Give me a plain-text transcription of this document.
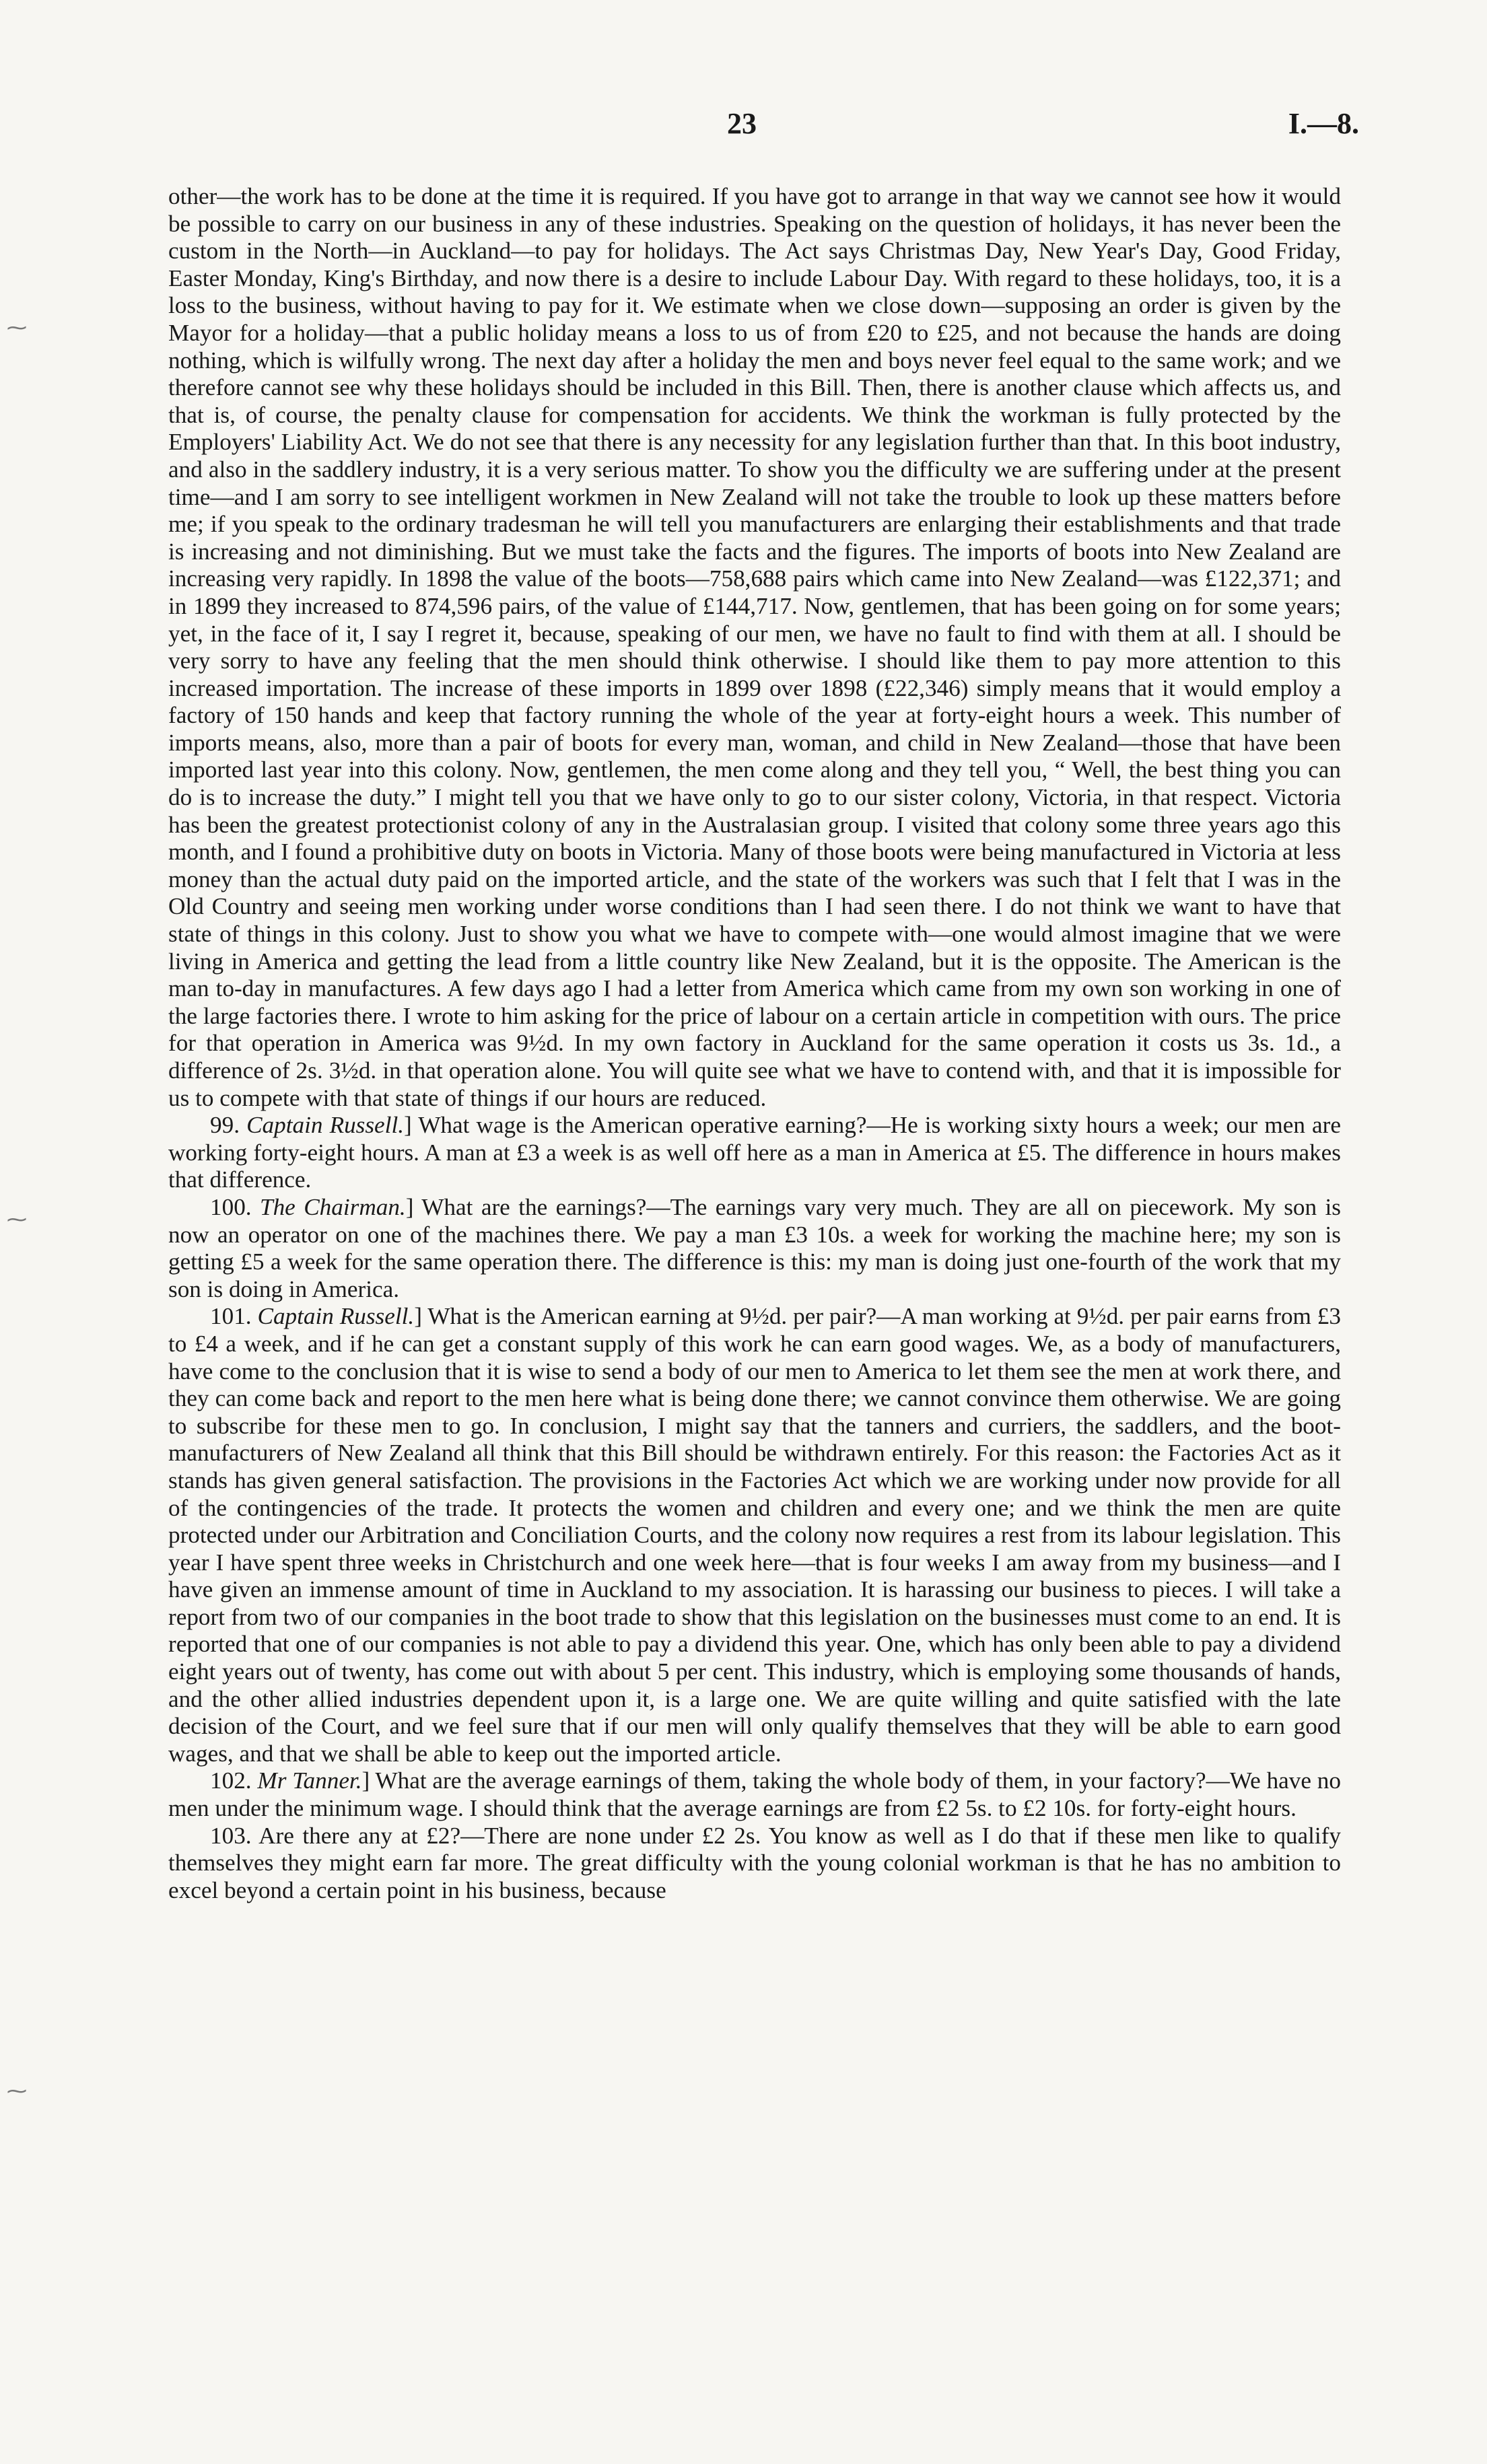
23	I.—8.
⁓
⁓
⁓

other—the work has to be done at the time it is required. If you have got to arrange in that way we cannot see how it would be possible to carry on our business in any of these industries. Speaking on the question of holidays, it has never been the custom in the North—in Auckland—to pay for holidays. The Act says Christmas Day, New Year's Day, Good Friday, Easter Monday, King's Birthday, and now there is a desire to include Labour Day. With regard to these holidays, too, it is a loss to the business, without having to pay for it. We estimate when we close down—supposing an order is given by the Mayor for a holiday—that a public holiday means a loss to us of from £20 to £25, and not because the hands are doing nothing, which is wilfully wrong. The next day after a holiday the men and boys never feel equal to the same work; and we therefore cannot see why these holidays should be included in this Bill. Then, there is another clause which affects us, and that is, of course, the penalty clause for compensation for accidents. We think the workman is fully protected by the Employers' Liability Act. We do not see that there is any necessity for any legislation further than that. In this boot industry, and also in the saddlery industry, it is a very serious matter. To show you the difficulty we are suffering under at the present time—and I am sorry to see intelligent workmen in New Zealand will not take the trouble to look up these matters before me; if you speak to the ordinary tradesman he will tell you manufacturers are enlarging their establishments and that trade is increasing and not diminishing. But we must take the facts and the figures. The imports of boots into New Zealand are increasing very rapidly. In 1898 the value of the boots—758,688 pairs which came into New Zealand—was £122,371; and in 1899 they increased to 874,596 pairs, of the value of £144,717. Now, gentlemen, that has been going on for some years; yet, in the face of it, I say I regret it, because, speaking of our men, we have no fault to find with them at all. I should be very sorry to have any feeling that the men should think otherwise. I should like them to pay more attention to this increased importation. The increase of these imports in 1899 over 1898 (£22,346) simply means that it would employ a factory of 150 hands and keep that factory running the whole of the year at forty-eight hours a week. This number of imports means, also, more than a pair of boots for every man, woman, and child in New Zealand—those that have been imported last year into this colony. Now, gentlemen, the men come along and they tell you, “ Well, the best thing you can do is to increase the duty.” I might tell you that we have only to go to our sister colony, Victoria, in that respect. Victoria has been the greatest protectionist colony of any in the Australasian group. I visited that colony some three years ago this month, and I found a prohibitive duty on boots in Victoria. Many of those boots were being manufactured in Victoria at less money than the actual duty paid on the imported article, and the state of the workers was such that I felt that I was in the Old Country and seeing men working under worse conditions than I had seen there. I do not think we want to have that state of things in this colony. Just to show you what we have to compete with—one would almost imagine that we were living in America and getting the lead from a little country like New Zealand, but it is the opposite. The American is the man to-day in manufactures. A few days ago I had a letter from America which came from my own son working in one of the large factories there. I wrote to him asking for the price of labour on a certain article in competition with ours. The price for that operation in America was 9½d. In my own factory in Auckland for the same operation it costs us 3s. 1d., a difference of 2s. 3½d. in that operation alone. You will quite see what we have to contend with, and that it is impossible for us to compete with that state of things if our hours are reduced.

99. Captain Russell.] What wage is the American operative earning?—He is working sixty hours a week; our men are working forty-eight hours. A man at £3 a week is as well off here as a man in America at £5. The difference in hours makes that difference.

100. The Chairman.] What are the earnings?—The earnings vary very much. They are all on piecework. My son is now an operator on one of the machines there. We pay a man £3 10s. a week for working the machine here; my son is getting £5 a week for the same operation there. The difference is this: my man is doing just one-fourth of the work that my son is doing in America.

101. Captain Russell.] What is the American earning at 9½d. per pair?—A man working at 9½d. per pair earns from £3 to £4 a week, and if he can get a constant supply of this work he can earn good wages. We, as a body of manufacturers, have come to the conclusion that it is wise to send a body of our men to America to let them see the men at work there, and they can come back and report to the men here what is being done there; we cannot convince them otherwise. We are going to subscribe for these men to go. In conclusion, I might say that the tanners and curriers, the saddlers, and the boot-manufacturers of New Zealand all think that this Bill should be withdrawn entirely. For this reason: the Factories Act as it stands has given general satisfaction. The provisions in the Factories Act which we are working under now provide for all of the contingencies of the trade. It protects the women and children and every one; and we think the men are quite protected under our Arbitration and Conciliation Courts, and the colony now requires a rest from its labour legislation. This year I have spent three weeks in Christchurch and one week here—that is four weeks I am away from my business—and I have given an immense amount of time in Auckland to my association. It is harassing our business to pieces. I will take a report from two of our companies in the boot trade to show that this legislation on the businesses must come to an end. It is reported that one of our companies is not able to pay a dividend this year. One, which has only been able to pay a dividend eight years out of twenty, has come out with about 5 per cent. This industry, which is employing some thousands of hands, and the other allied industries dependent upon it, is a large one. We are quite willing and quite satisfied with the late decision of the Court, and we feel sure that if our men will only qualify themselves that they will be able to earn good wages, and that we shall be able to keep out the imported article.

102. Mr Tanner.] What are the average earnings of them, taking the whole body of them, in your factory?—We have no men under the minimum wage. I should think that the average earnings are from £2 5s. to £2 10s. for forty-eight hours.

103. Are there any at £2?—There are none under £2 2s. You know as well as I do that if these men like to qualify themselves they might earn far more. The great difficulty with the young colonial workman is that he has no ambition to excel beyond a certain point in his business, because
